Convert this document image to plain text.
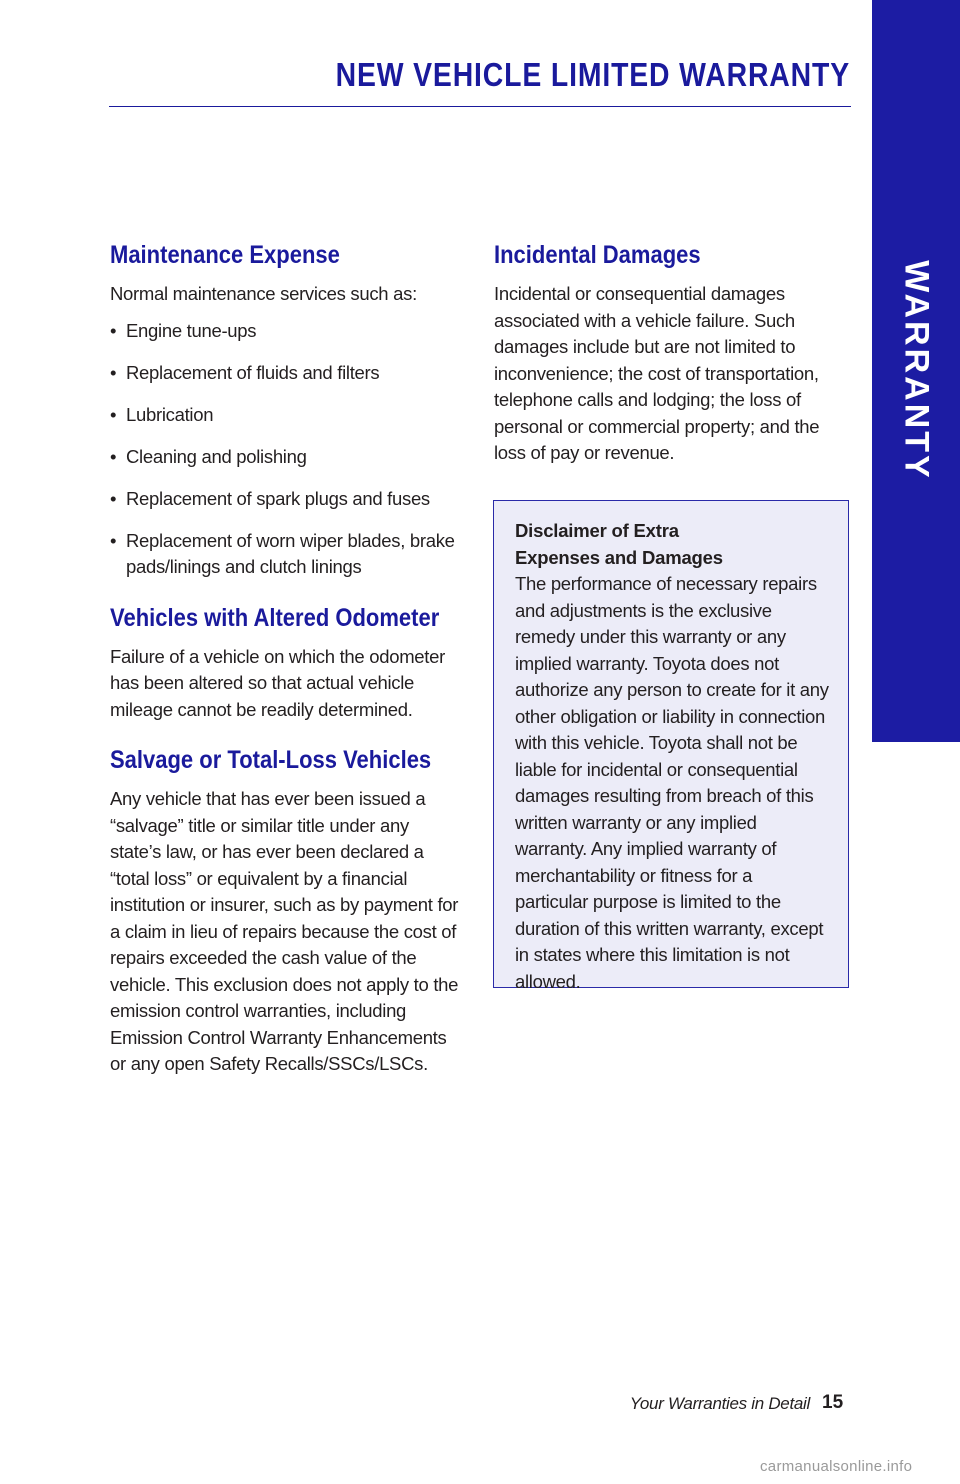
NEW VEHICLE LIMITED WARRANTY
WARRANTY
Maintenance Expense

Normal maintenance services such as:

• Engine tune-ups
• Replacement of fluids and filters
• Lubrication
• Cleaning and polishing
• Replacement of spark plugs and fuses
• Replacement of worn wiper blades, brake pads/linings and clutch linings
Vehicles with Altered Odometer

Failure of a vehicle on which the odometer has been altered so that actual vehicle mileage cannot be readily determined.

Salvage or Total-Loss Vehicles

Any vehicle that has ever been issued a “salvage” title or similar title under any state’s law, or has ever been declared a “total loss” or equivalent by a financial institution or insurer, such as by payment for a claim in lieu of repairs because the cost of repairs exceeded the cash value of the vehicle. This exclusion does not apply to the emission control warranties, including Emission Control Warranty Enhancements or any open Safety Recalls/SSCs/LSCs.

Incidental Damages

Incidental or consequential damages associated with a vehicle failure. Such damages include but are not limited to inconvenience; the cost of transportation, telephone calls and lodging; the loss of personal or commercial property; and the loss of pay or revenue.

Disclaimer of Extra
Expenses and Damages

The performance of necessary repairs and adjustments is the exclusive remedy under this warranty or any implied warranty. Toyota does not authorize any person to create for it any other obligation or liability in connection with this vehicle. Toyota shall not be liable for incidental or consequential damages resulting from breach of this written warranty or any implied warranty. Any implied warranty of merchantability or fitness for a particular purpose is limited to the duration of this written warranty, except in states where this limitation is not allowed.

Your Warranties in Detail 15
carmanualsonline.info
